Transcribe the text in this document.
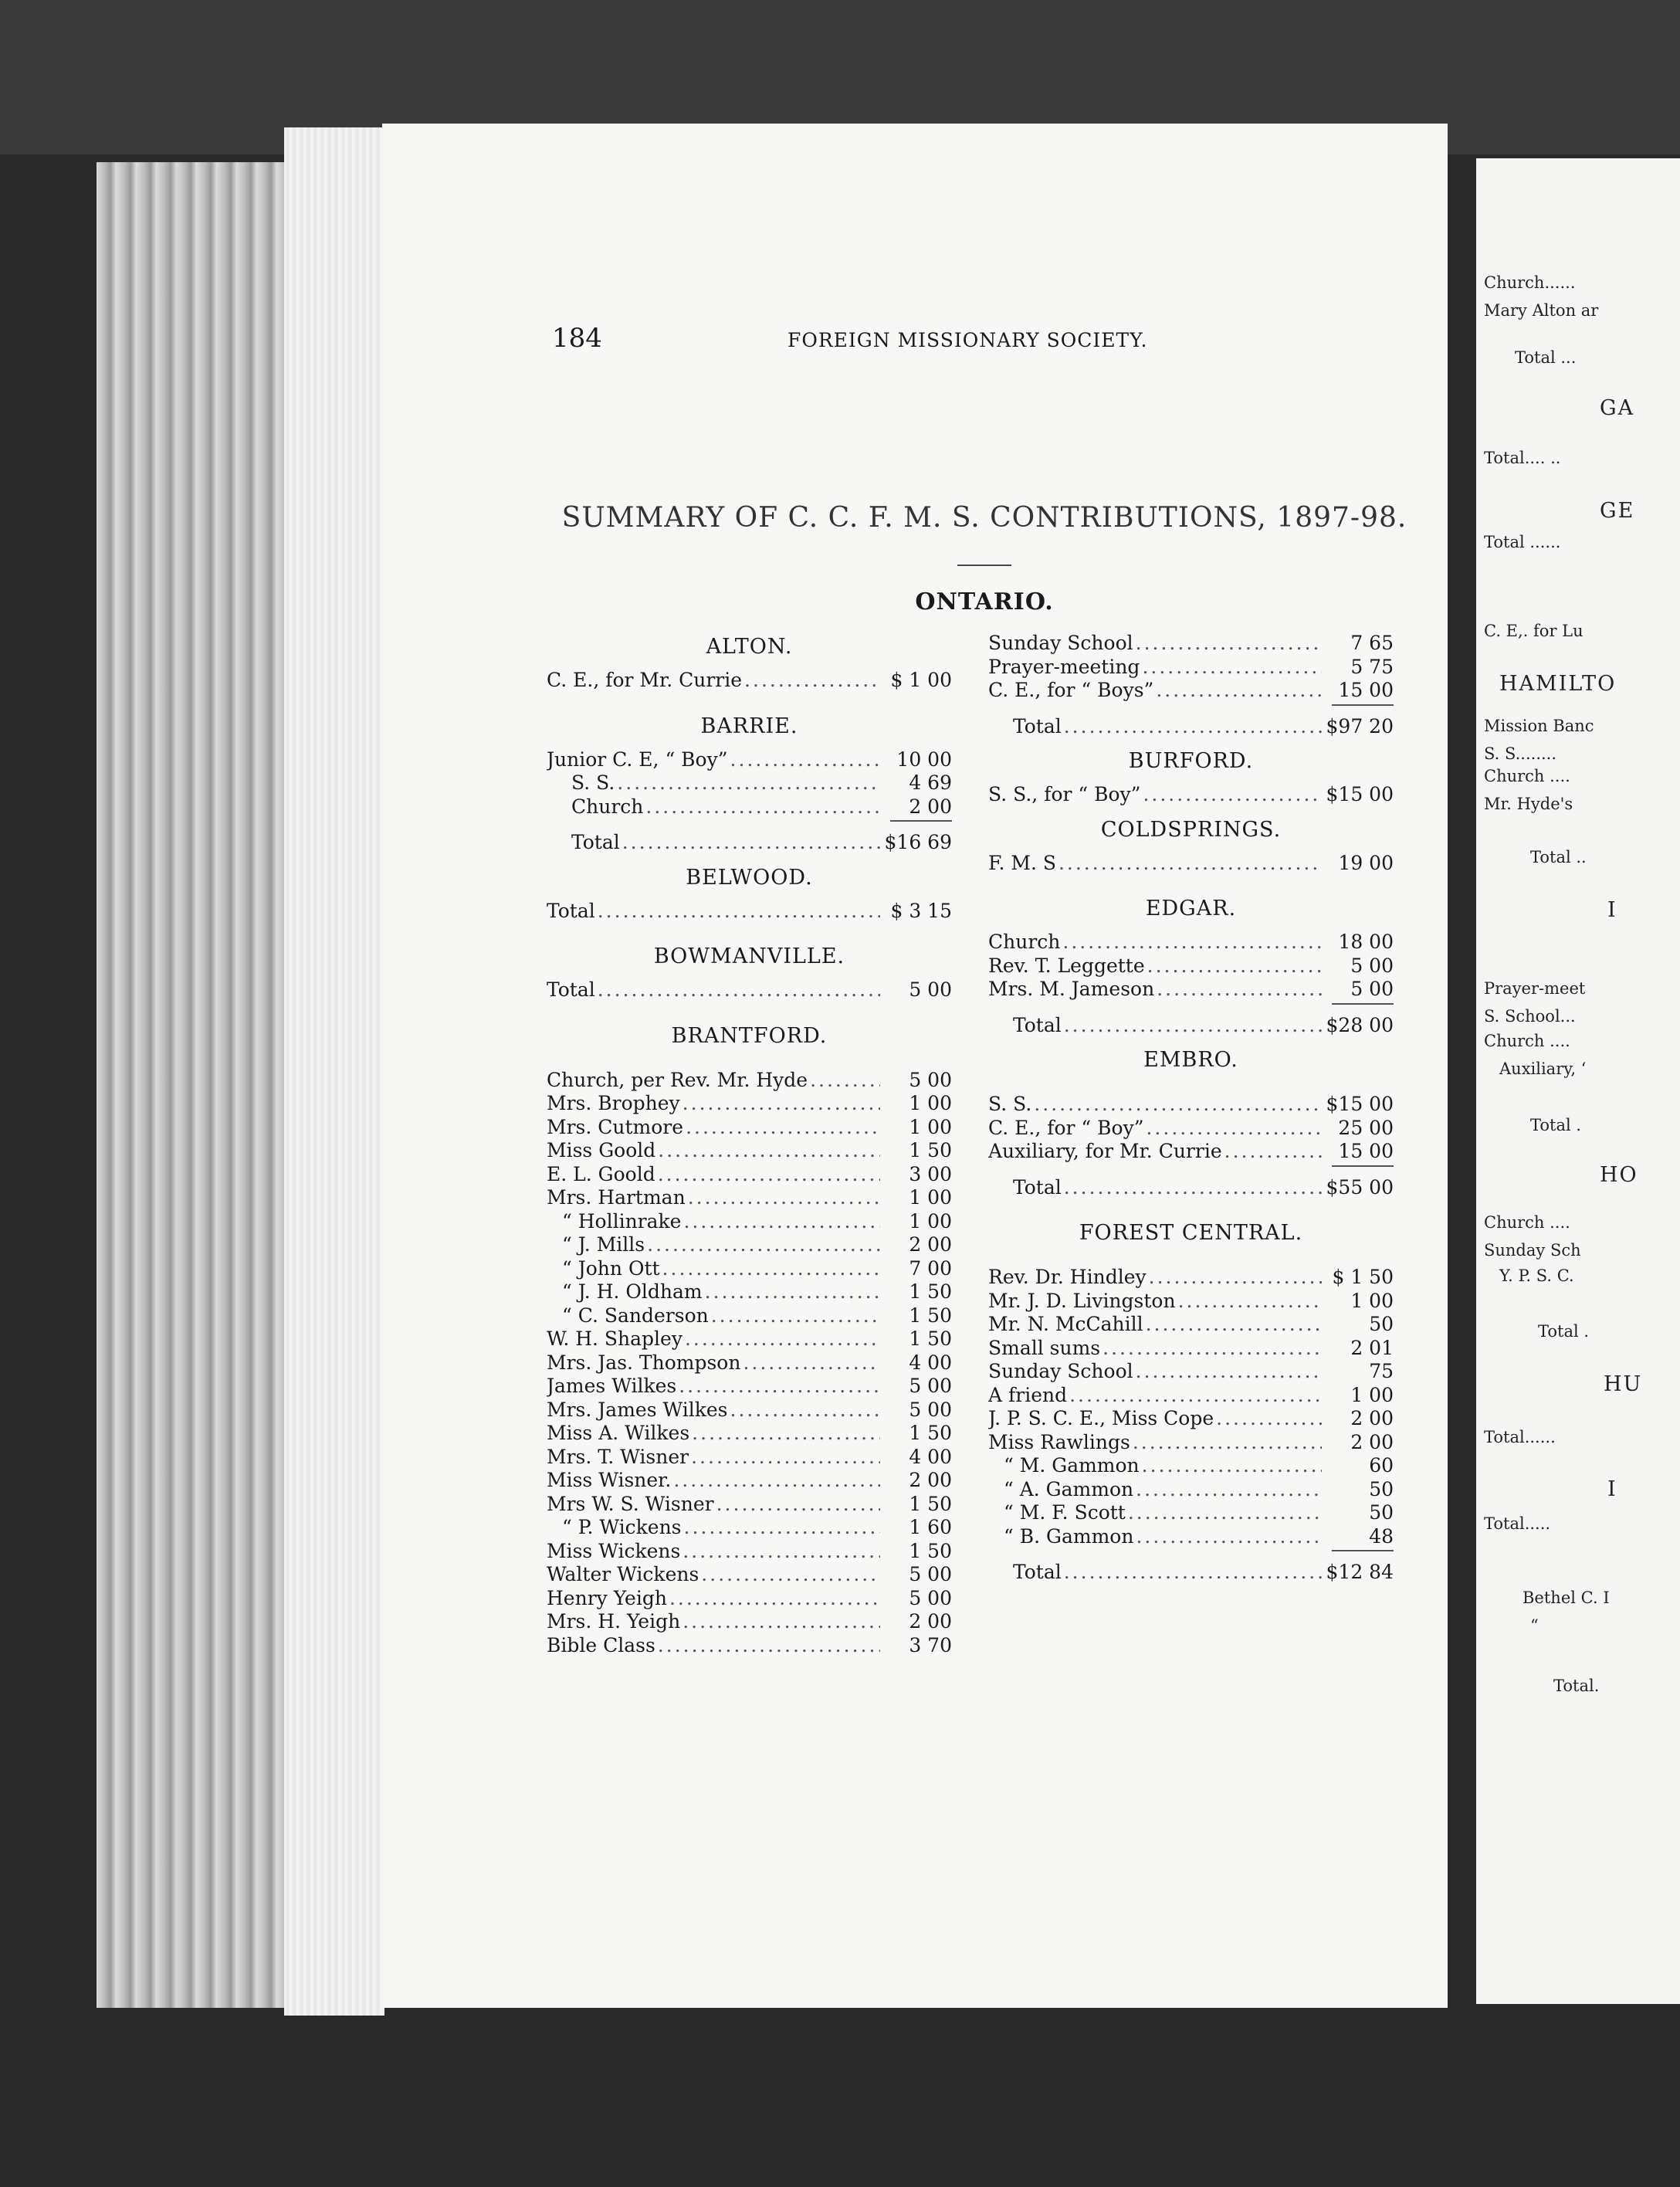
184	FOREIGN MISSIONARY SOCIETY.
SUMMARY OF C. C. F. M. S. CONTRIBUTIONS, 1897-98.
ONTARIO.
ALTON.
C. E., for Mr. Currie .....	$ 1 00
BARRIE.
Junior C. E, “ Boy” .....	10 00
S. S. .....	4 69
Church .....	2 00
Total .....	$16 69
BELWOOD.
Total .....	$ 3 15
BOWMANVILLE.
Total .....	5 00
BRANTFORD.
Church, per Rev. Mr. Hyde .....	5 00
Mrs. Brophey .....	1 00
Mrs. Cutmore .....	1 00
Miss Goold .....	1 50
E. L. Goold .....	3 00
Mrs. Hartman .....	1 00
“ Hollinrake .....	1 00
“ J. Mills .....	2 00
“ John Ott .....	7 00
“ J. H. Oldham .....	1 50
“ C. Sanderson .....	1 50
W. H. Shapley .....	1 50
Mrs. Jas. Thompson .....	4 00
James Wilkes .....	5 00
Mrs. James Wilkes .....	5 00
Miss A. Wilkes .....	1 50
Mrs. T. Wisner .....	4 00
Miss Wisner. .....	2 00
Mrs W. S. Wisner .....	1 50
“ P. Wickens .....	1 60
Miss Wickens .....	1 50
Walter Wickens .....	5 00
Henry Yeigh .....	5 00
Mrs. H. Yeigh .....	2 00
Bible Class .....	3 70
Sunday School .....	7 65
Prayer-meeting .....	5 75
C. E., for “ Boys” .....	15 00
Total .....	$97 20
BURFORD.
S. S., for “ Boy” .....	$15 00
COLDSPRINGS.
F. M. S .....	19 00
EDGAR.
Church .....	18 00
Rev. T. Leggette .....	5 00
Mrs. M. Jameson .....	5 00
Total .....	$28 00
EMBRO.
S. S. .....	$15 00
C. E., for “ Boy” .....	25 00
Auxiliary, for Mr. Currie .....	15 00
Total .....	$55 00
FOREST CENTRAL.
Rev. Dr. Hindley .....	$ 1 50
Mr. J. D. Livingston .....	1 00
Mr. N. McCahill .....	50
Small sums .....	2 01
Sunday School .....	75
A friend .....	1 00
J. P. S. C. E., Miss Cope .....	2 00
Miss Rawlings .....	2 00
“ M. Gammon .....	60
“ A. Gammon .....	50
“ M. F. Scott .....	50
“ B. Gammon .....	48
Total .....	$12 84
Church......
Mary Alton ar
Total ...
GA
Total.... ..
GE
Total ......
C. E,. for Lu
HAMILTO
Mission Banc
S. S........
Church ....
Mr. Hyde's
Total ..
I
Prayer-meet
S. School...
Church ....
Auxiliary, ‘
Total .
HO
Church ....
Sunday Sch
Y. P. S. C.
Total .
HU
Total......
I
Total.....
Bethel C. I
“
Total.
